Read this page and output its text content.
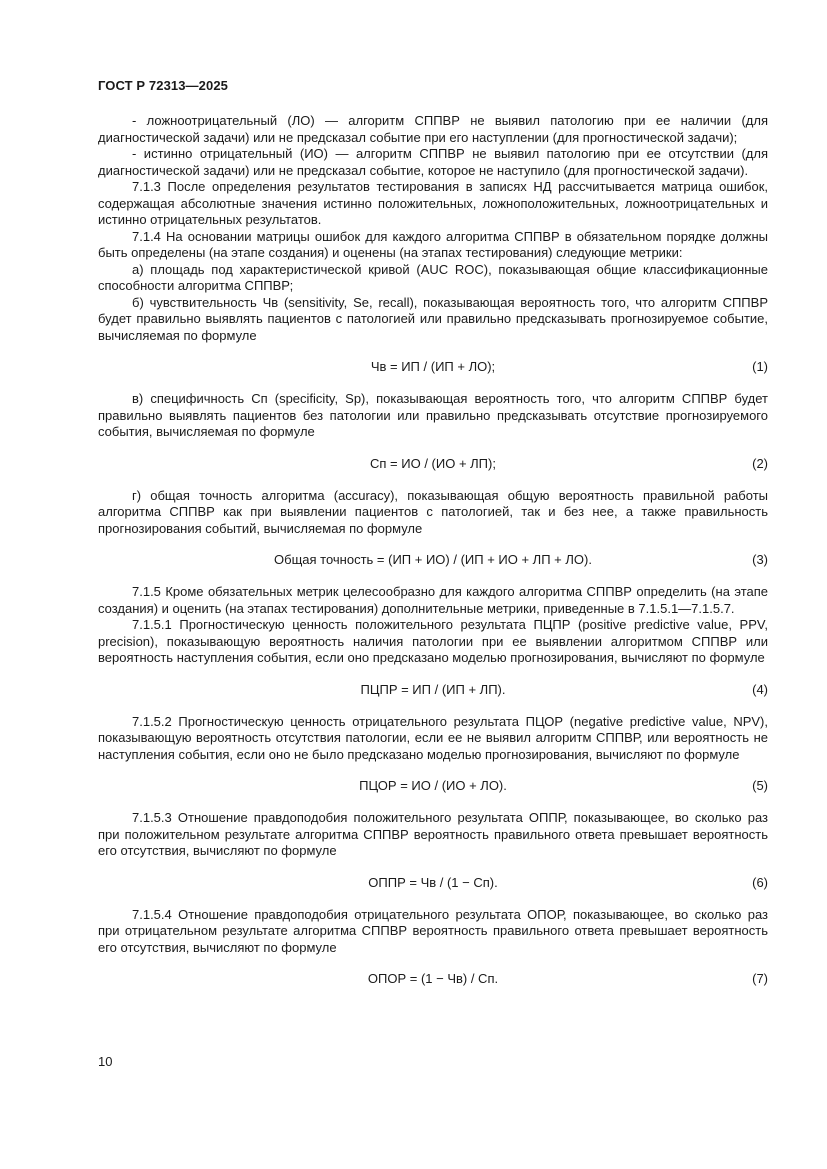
ГОСТ Р 72313—2025

- ложноотрицательный (ЛО) — алгоритм СППВР не выявил патологию при ее наличии (для диагностической задачи) или не предсказал событие при его наступлении (для прогностической задачи);

- истинно отрицательный (ИО) — алгоритм СППВР не выявил патологию при ее отсутствии (для диагностической задачи) или не предсказал событие, которое не наступило (для прогностической задачи).

7.1.3 После определения результатов тестирования в записях НД рассчитывается матрица ошибок, содержащая абсолютные значения истинно положительных, ложноположительных, ложноотрицательных и истинно отрицательных результатов.

7.1.4 На основании матрицы ошибок для каждого алгоритма СППВР в обязательном порядке должны быть определены (на этапе создания) и оценены (на этапах тестирования) следующие метрики:

а) площадь под характеристической кривой (AUC ROC), показывающая общие классификационные способности алгоритма СППВР;

б) чувствительность Чв (sensitivity, Se, recall), показывающая вероятность того, что алгоритм СППВР будет правильно выявлять пациентов с патологией или правильно предсказывать прогнозируемое событие, вычисляемая по формуле

Чв = ИП / (ИП + ЛО);	(1)

в) специфичность Сп (specificity, Sp), показывающая вероятность того, что алгоритм СППВР будет правильно выявлять пациентов без патологии или правильно предсказывать отсутствие прогнозируемого события, вычисляемая по формуле

Сп = ИО / (ИО + ЛП);	(2)

г) общая точность алгоритма (accuracy), показывающая общую вероятность правильной работы алгоритма СППВР как при выявлении пациентов с патологией, так и без нее, а также правильность прогнозирования событий, вычисляемая по формуле

Общая точность = (ИП + ИО) / (ИП + ИО + ЛП + ЛО).	(3)

7.1.5 Кроме обязательных метрик целесообразно для каждого алгоритма СППВР определить (на этапе создания) и оценить (на этапах тестирования) дополнительные метрики, приведенные в 7.1.5.1—7.1.5.7.

7.1.5.1 Прогностическую ценность положительного результата ПЦПР (positive predictive value, PPV, precision), показывающую вероятность наличия патологии при ее выявлении алгоритмом СППВР или вероятность наступления события, если оно предсказано моделью прогнозирования, вычисляют по формуле

ПЦПР = ИП / (ИП + ЛП).	(4)

7.1.5.2 Прогностическую ценность отрицательного результата ПЦОР (negative predictive value, NPV), показывающую вероятность отсутствия патологии, если ее не выявил алгоритм СППВР, или вероятность не наступления события, если оно не было предсказано моделью прогнозирования, вычисляют по формуле

ПЦОР = ИО / (ИО + ЛО).	(5)

7.1.5.3 Отношение правдоподобия положительного результата ОППР, показывающее, во сколько раз при положительном результате алгоритма СППВР вероятность правильного ответа превышает вероятность его отсутствия, вычисляют по формуле

ОППР = Чв / (1 − Сп).	(6)

7.1.5.4 Отношение правдоподобия отрицательного результата ОПОР, показывающее, во сколько раз при отрицательном результате алгоритма СППВР вероятность правильного ответа превышает вероятность его отсутствия, вычисляют по формуле

ОПОР = (1 − Чв) / Сп.	(7)
10
